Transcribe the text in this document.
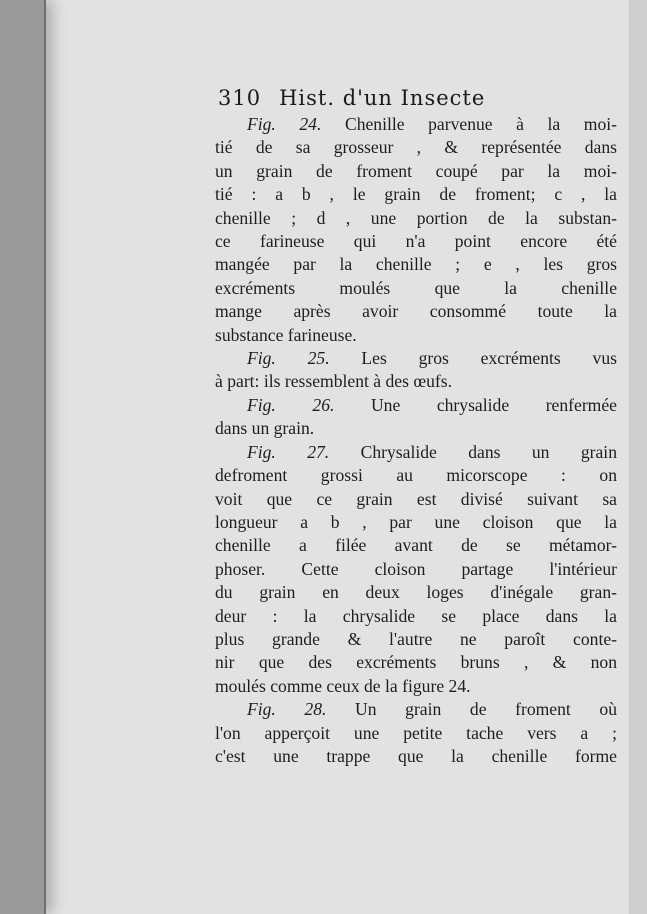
310 Hist. d'un Insecte
Fig. 24. Chenille parvenue à la moi-
tié de sa grosseur , & représentée dans
un grain de froment coupé par la moi-
tié : a b , le grain de froment; c , la
chenille ; d , une portion de la substan-
ce farineuse qui n'a point encore été
mangée par la chenille ; e , les gros
excréments moulés que la chenille
mange après avoir consommé toute la
substance farineuse.
Fig. 25. Les gros excréments vus
à part: ils ressemblent à des œufs.
Fig. 26. Une chrysalide renfermée
dans un grain.
Fig. 27. Chrysalide dans un grain
defroment grossi au micorscope : on
voit que ce grain est divisé suivant sa
longueur a b , par une cloison que la
chenille a filée avant de se métamor-
phoser. Cette cloison partage l'intérieur
du grain en deux loges d'inégale gran-
deur : la chrysalide se place dans la
plus grande & l'autre ne paroît conte-
nir que des excréments bruns , & non
moulés comme ceux de la figure 24.
Fig. 28. Un grain de froment où
l'on apperçoit une petite tache vers a ;
c'est une trappe que la chenille forme
